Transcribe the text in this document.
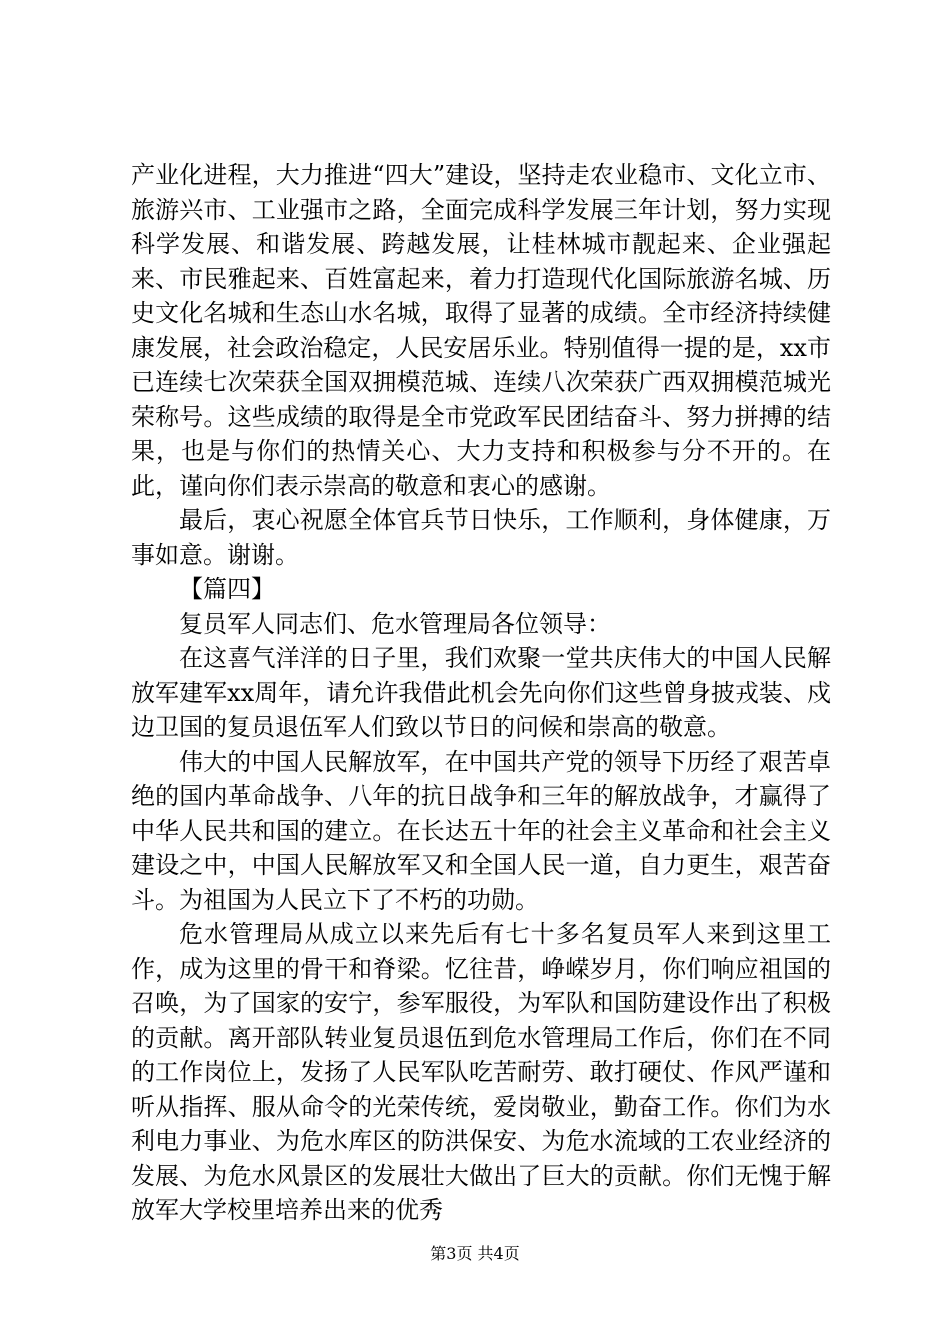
产业化进程，大力推进“四大”建设，坚持走农业稳市、文化立市、旅游兴市、工业强市之路，全面完成科学发展三年计划，努力实现科学发展、和谐发展、跨越发展，让桂林城市靓起来、企业强起来、市民雅起来、百姓富起来，着力打造现代化国际旅游名城、历史文化名城和生态山水名城，取得了显著的成绩。全市经济持续健康发展，社会政治稳定，人民安居乐业。特别值得一提的是，xx市已连续七次荣获全国双拥模范城、连续八次荣获广西双拥模范城光荣称号。这些成绩的取得是全市党政军民团结奋斗、努力拼搏的结果，也是与你们的热情关心、大力支持和积极参与分不开的。在此，谨向你们表示崇高的敬意和衷心的感谢。

最后，衷心祝愿全体官兵节日快乐，工作顺利，身体健康，万事如意。谢谢。

【篇四】

复员军人同志们、危水管理局各位领导：

在这喜气洋洋的日子里，我们欢聚一堂共庆伟大的中国人民解放军建军xx周年，请允许我借此机会先向你们这些曾身披戎装、戍边卫国的复员退伍军人们致以节日的问候和崇高的敬意。

伟大的中国人民解放军，在中国共产党的领导下历经了艰苦卓绝的国内革命战争、八年的抗日战争和三年的解放战争，才赢得了中华人民共和国的建立。在长达五十年的社会主义革命和社会主义建设之中，中国人民解放军又和全国人民一道，自力更生，艰苦奋斗。为祖国为人民立下了不朽的功勋。

危水管理局从成立以来先后有七十多名复员军人来到这里工作，成为这里的骨干和脊梁。忆往昔，峥嵘岁月，你们响应祖国的召唤，为了国家的安宁，参军服役，为军队和国防建设作出了积极的贡献。离开部队转业复员退伍到危水管理局工作后，你们在不同的工作岗位上，发扬了人民军队吃苦耐劳、敢打硬仗、作风严谨和听从指挥、服从命令的光荣传统，爱岗敬业，勤奋工作。你们为水利电力事业、为危水库区的防洪保安、为危水流域的工农业经济的发展、为危水风景区的发展壮大做出了巨大的贡献。你们无愧于解放军大学校里培养出来的优秀

第3页 共4页
